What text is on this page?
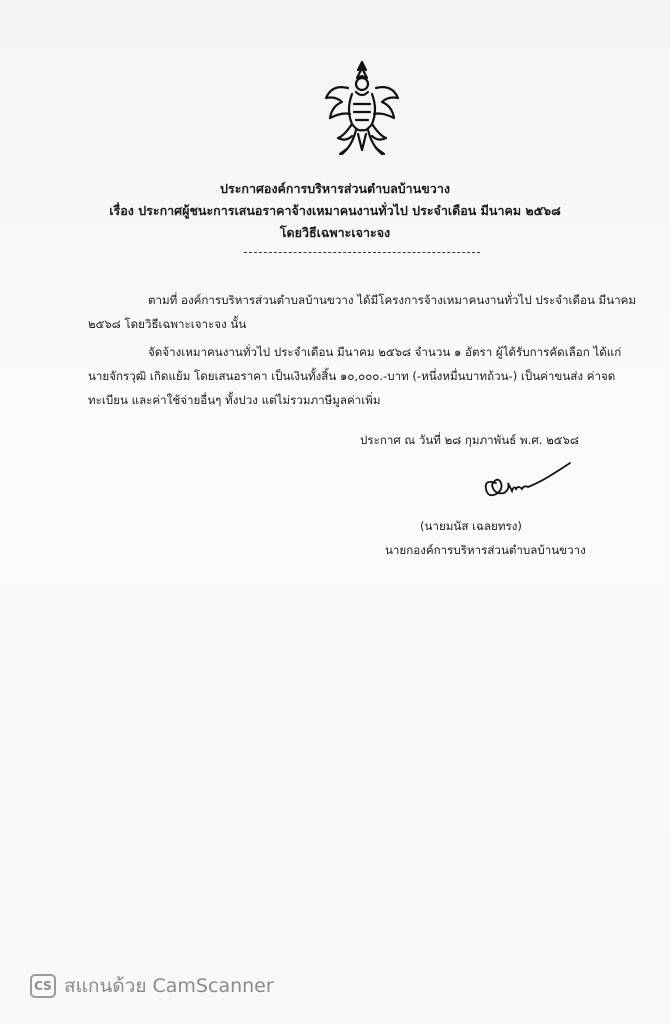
ประกาศองค์การบริหารส่วนตำบลบ้านขวาง
เรื่อง ประกาศผู้ชนะการเสนอราคาจ้างเหมาคนงานทั่วไป ประจำเดือน มีนาคม ๒๕๖๘
โดยวิธีเฉพาะเจาะจง
ตามที่ องค์การบริหารส่วนตำบลบ้านขวาง ได้มีโครงการจ้างเหมาคนงานทั่วไป ประจำเดือน มีนาคม
๒๕๖๘ โดยวิธีเฉพาะเจาะจง นั้น
จัดจ้างเหมาคนงานทั่วไป ประจำเดือน มีนาคม ๒๕๖๘ จำนวน ๑ อัตรา ผู้ได้รับการคัดเลือก ได้แก่
นายจักรวุฒิ เกิดแย้ม โดยเสนอราคา เป็นเงินทั้งสิ้น ๑๐,๐๐๐.-บาท (-หนึ่งหมื่นบาทถ้วน-) เป็นค่าขนส่ง ค่าจด
ทะเบียน และค่าใช้จ่ายอื่นๆ ทั้งปวง แต่ไม่รวมภาษีมูลค่าเพิ่ม
ประกาศ ณ วันที่ ๒๘ กุมภาพันธ์ พ.ศ. ๒๕๖๘
(นายมนัส เฉลยทรง)
นายกองค์การบริหารส่วนตำบลบ้านขวาง
CS สแกนด้วย CamScanner
